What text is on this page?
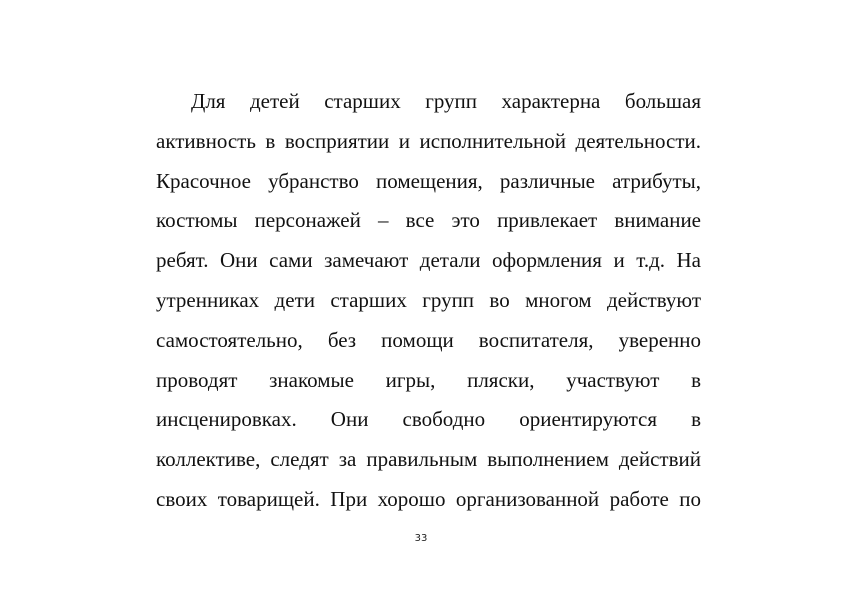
Для детей старших групп характерна большая
активность в восприятии и исполнительной деятельности.
Красочное убранство помещения, различные атрибуты,
костюмы персонажей – все это привлекает внимание
ребят. Они сами замечают детали оформления и т.д. На
утренниках дети старших групп во многом действуют
самостоятельно, без помощи воспитателя, уверенно
проводят знакомые игры, пляски, участвуют в
инсценировках. Они свободно ориентируются в
коллективе, следят за правильным выполнением действий
своих товарищей. При хорошо организованной работе по
33
